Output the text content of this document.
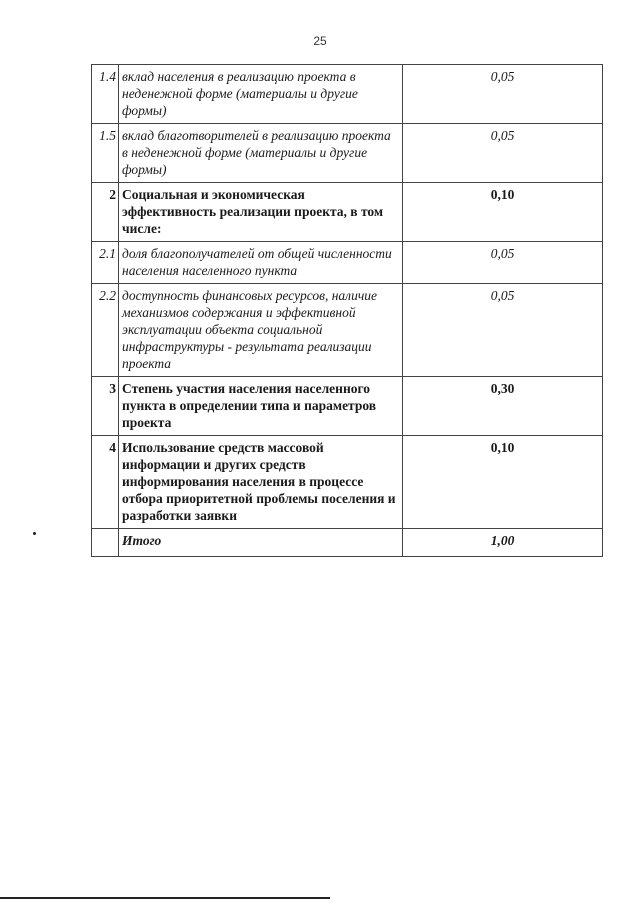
25
1.4	вклад населения в реализацию проекта в неденежной форме (материалы и другие формы)	0,05
1.5	вклад благотворителей в реализацию проекта в неденежной форме (материалы и другие формы)	0,05
2	Социальная и экономическая эффективность реализации проекта, в том числе:	0,10
2.1	доля благополучателей от общей численности населения населенного пункта	0,05
2.2	доступность финансовых ресурсов, наличие механизмов содержания и эффективной эксплуатации объекта социальной инфраструктуры - результата реализации проекта	0,05
3	Степень участия населения населенного пункта в определении типа и параметров проекта	0,30
4	Использование средств массовой информации и других средств информирования населения в процессе отбора приоритетной проблемы поселения и разработки заявки	0,10
	Итого	1,00
